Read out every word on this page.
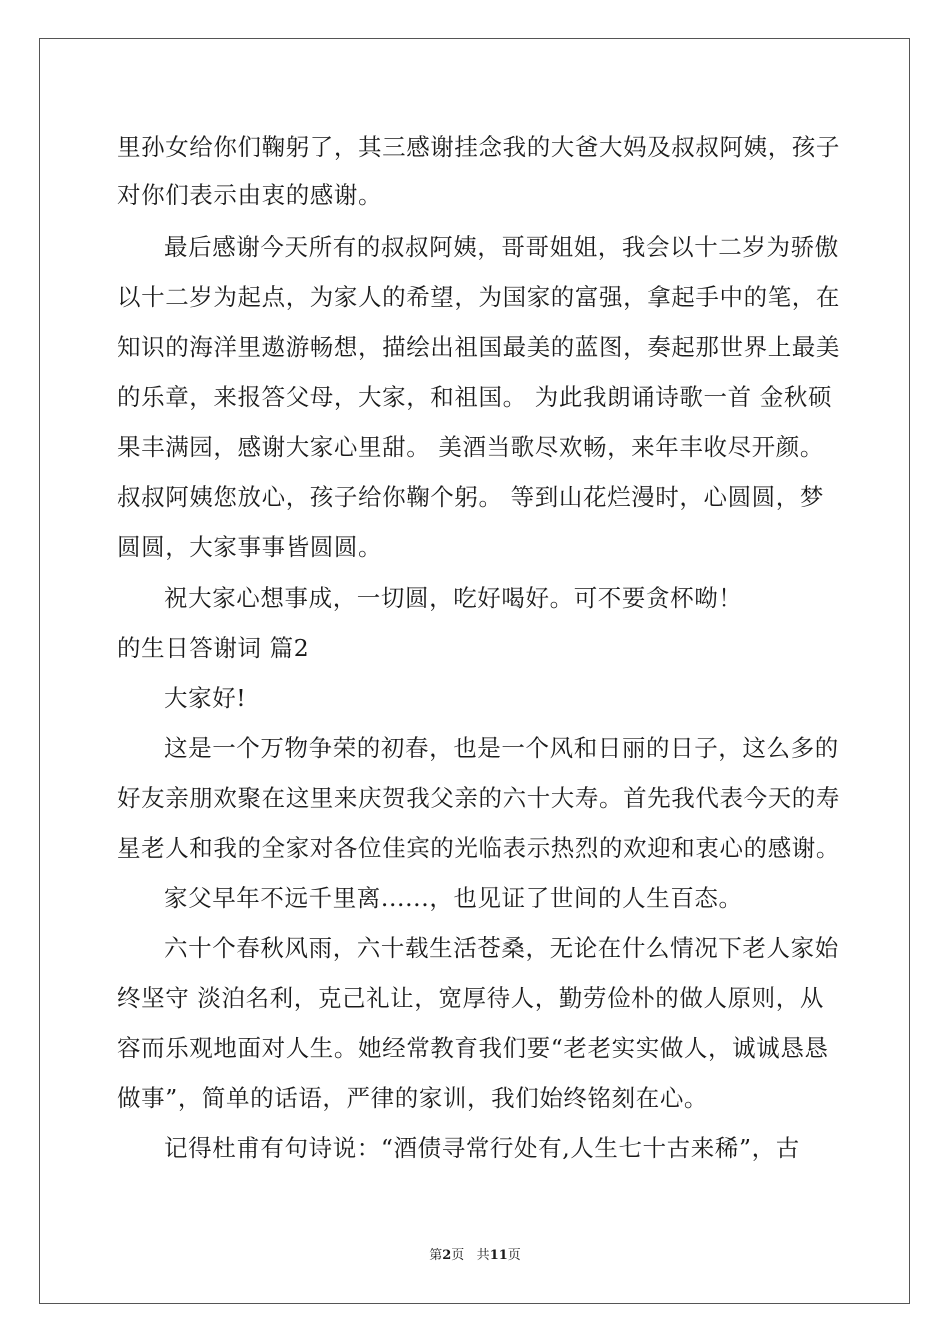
里孙女给你们鞠躬了，其三感谢挂念我的大爸大妈及叔叔阿姨，孩子
对你们表示由衷的感谢。
最后感谢今天所有的叔叔阿姨，哥哥姐姐，我会以十二岁为骄傲
以十二岁为起点，为家人的希望，为国家的富强，拿起手中的笔，在
知识的海洋里遨游畅想，描绘出祖国最美的蓝图，奏起那世界上最美
的乐章，来报答父母，大家，和祖国。 为此我朗诵诗歌一首 金秋硕
果丰满园，感谢大家心里甜。 美酒当歌尽欢畅，来年丰收尽开颜。
叔叔阿姨您放心，孩子给你鞠个躬。 等到山花烂漫时，心圆圆，梦
圆圆，大家事事皆圆圆。
祝大家心想事成，一切圆，吃好喝好。可不要贪杯呦！
的生日答谢词 篇2
大家好!
这是一个万物争荣的初春，也是一个风和日丽的日子，这么多的
好友亲朋欢聚在这里来庆贺我父亲的六十大寿。首先我代表今天的寿
星老人和我的全家对各位佳宾的光临表示热烈的欢迎和衷心的感谢。
家父早年不远千里离......，也见证了世间的人生百态。
六十个春秋风雨，六十载生活苍桑，无论在什么情况下老人家始
终坚守 淡泊名利，克己礼让，宽厚待人，勤劳俭朴的做人原则，从
容而乐观地面对人生。她经常教育我们要“老老实实做人，诚诚恳恳
做事”，简单的话语，严律的家训，我们始终铭刻在心。
记得杜甫有句诗说：“酒债寻常行处有,人生七十古来稀”，古
第2页 共11页
